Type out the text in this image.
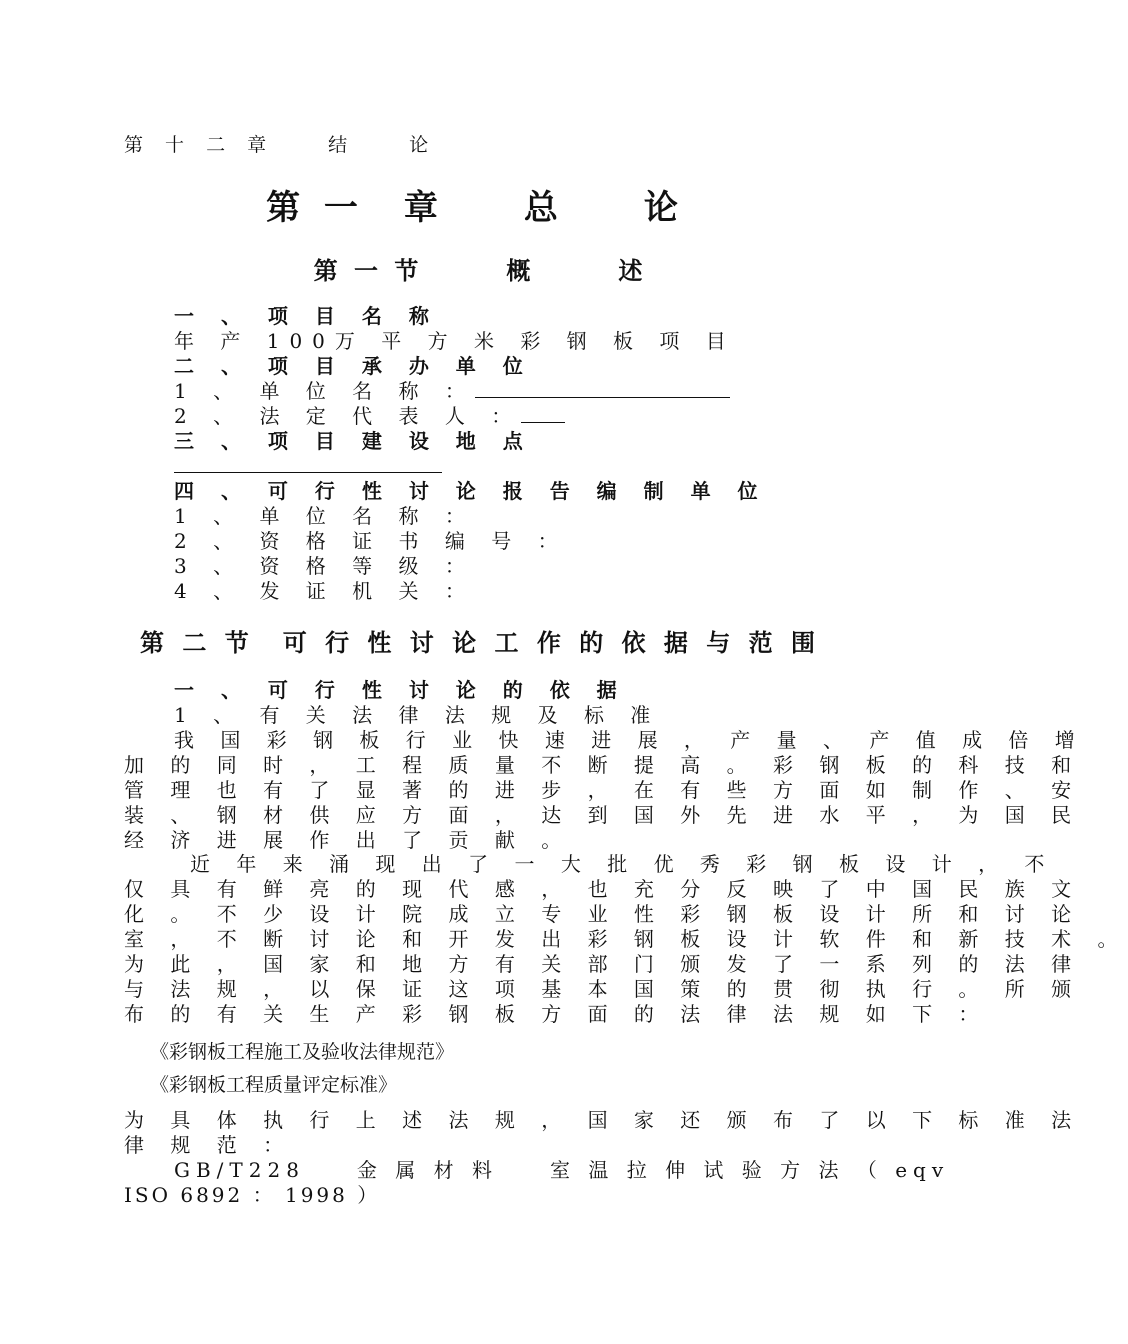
第 十 二 章　　结　　论
第 一　章　　总　　论
第 一 节　　　概　　　述
一 、 项 目 名 称
年 产 100万 平 方 米 彩 钢 板 项 目
二 、 项 目 承 办 单 位
1 、 单 位 名 称 ：
2 、 法 定 代 表 人 ：
三 、 项 目 建 设 地 点
四 、 可 行 性 讨 论 报 告 编 制 单 位
1 、 单 位 名 称 ：
2 、 资 格 证 书 编 号 ：
3 、 资 格 等 级 ：
4 、 发 证 机 关 ：
第 二 节　可 行 性 讨 论 工 作 的 依 据 与 范 围
一 、 可 行 性 讨 论 的 依 据
1 、 有 关 法 律 法 规 及 标 准
我 国 彩 钢 板 行 业 快 速 进 展 ， 产 量 、 产 值 成 倍 增
加 的 同 时 ， 工 程 质 量 不 断 提 高 。 彩 钢 板 的 科 技 和
管 理 也 有 了 显 著 的 进 步 ， 在 有 些 方 面 如 制 作 、 安
装 、 钢 材 供 应 方 面 ， 达 到 国 外 先 进 水 平 ， 为 国 民
经 济 进 展 作 出 了 贡 献 。
近 年 来 涌 现 出 了 一 大 批 优 秀 彩 钢 板 设 计 ， 不
仅 具 有 鲜 亮 的 现 代 感 ， 也 充 分 反 映 了 中 国 民 族 文
化 。 不 少 设 计 院 成 立 专 业 性 彩 钢 板 设 计 所 和 讨 论
室 ， 不 断 讨 论 和 开 发 出 彩 钢 板 设 计 软 件 和 新 技 术 。
为 此 ， 国 家 和 地 方 有 关 部 门 颁 发 了 一 系 列 的 法 律
与 法 规 ， 以 保 证 这 项 基 本 国 策 的 贯 彻 执 行 。 所 颁
布 的 有 关 生 产 彩 钢 板 方 面 的 法 律 法 规 如 下 ：
《彩钢板工程施工及验收法律规范》
《彩钢板工程质量评定标准》
为 具 体 执 行 上 述 法 规 ， 国 家 还 颁 布 了 以 下 标 准 法
律 规 范 ：
GB/T228　　金 属 材 料　　室 温 拉 伸 试 验 方 法 （ eqv
ISO 6892 ： 1998 ）
